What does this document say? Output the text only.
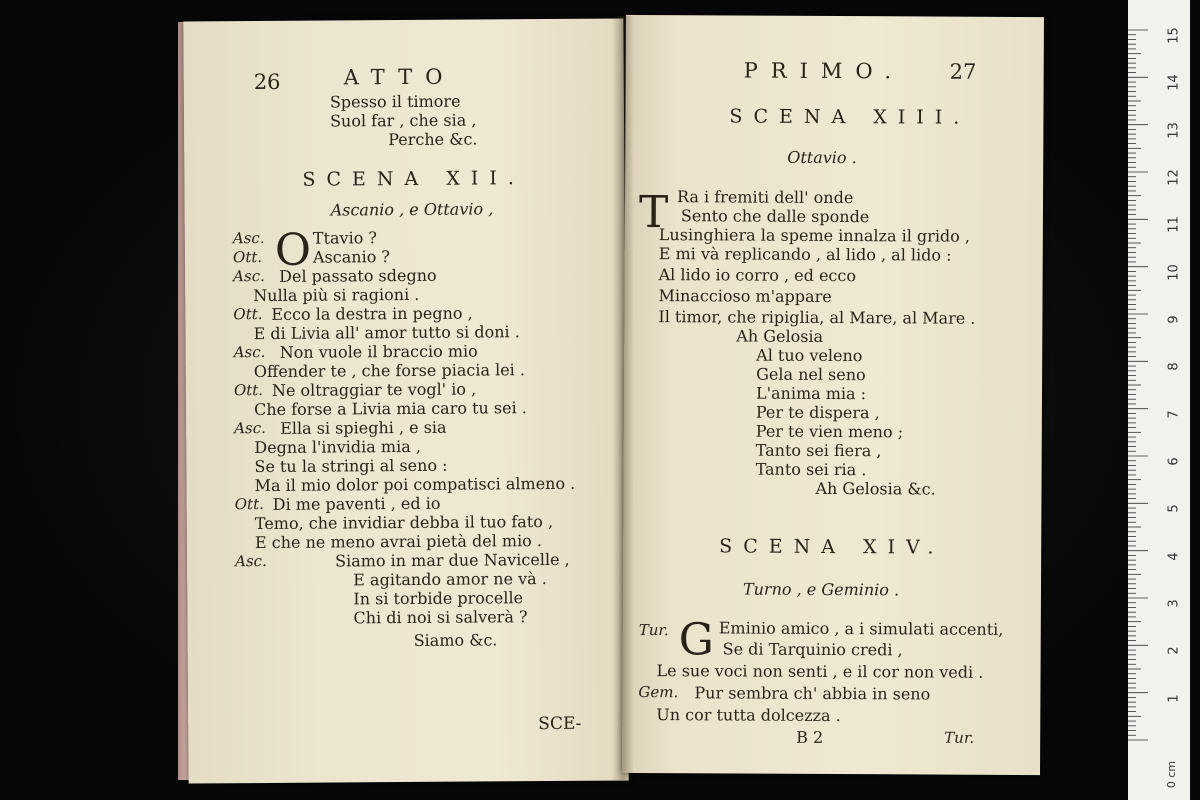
26	ATTO
Spesso il timore
Suol far , che sia ,
Perche &c.
SCENA XII.
Ascanio , e Ottavio ,
O
Asc.	Ttavio ?
Ott.	Ascanio ?
Asc. Del passato sdegno
Nulla più si ragioni .
Ott. Ecco la destra in pegno ,
E di Livia all' amor tutto si doni .
Asc. Non vuole il braccio mio
Offender te , che forse piacia lei .
Ott. Ne oltraggiar te vogl' io ,
Che forse a Livia mia caro tu sei .
Asc. Ella si spieghi , e sia
Degna l'invidia mia ,
Se tu la stringi al seno :
Ma il mio dolor poi compatisci almeno .
Ott. Di me paventi , ed io
Temo, che invidiar debba il tuo fato ,
E che ne meno avrai pietà del mio .
Asc.	Siamo in mar due Navicelle ,
E agitando amor ne và .
In si torbide procelle
Chi di noi si salverà ?
Siamo &c.
SCE-
PRIMO. 27
SCENA XIII.
Ottavio .
T Ra i fremiti dell' onde
Sento che dalle sponde
Lusinghiera la speme innalza il grido ,
E mi và replicando , al lido , al lido :
Al lido io corro , ed ecco
Minaccioso m'appare
Il timor, che ripiglia, al Mare, al Mare .
Ah Gelosia
Al tuo veleno
Gela nel seno
L'anima mia :
Per te dispera ,
Per te vien meno ;
Tanto sei fiera ,
Tanto sei ria .
Ah Gelosia &c.
SCENA XIV.
Turno , e Geminio .
Tur. G Eminio amico , a i simulati accenti,
Se di Tarquinio credi ,
Le sue voci non senti , e il cor non vedi .
Gem. Pur sembra ch' abbia in seno
Un cor tutta dolcezza .
B 2	Tur.
15
14
13
12
11
10
9
8
7
6
5
4
3
2
1
0 cm
